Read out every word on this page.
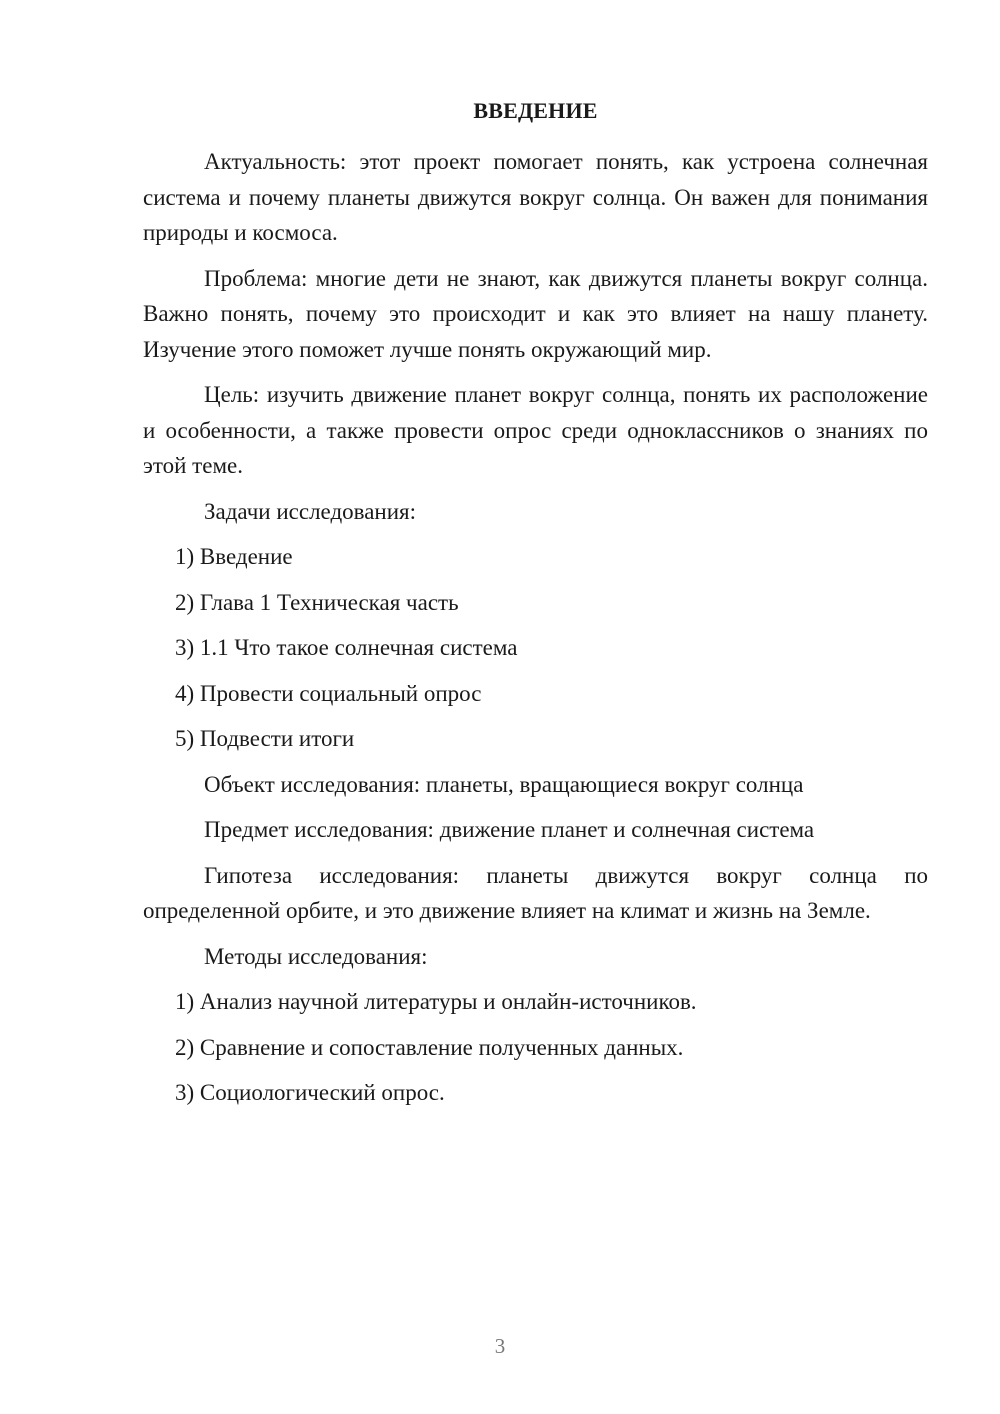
ВВЕДЕНИЕ
Актуальность: этот проект помогает понять, как устроена солнечная система и почему планеты движутся вокруг солнца. Он важен для понимания природы и космоса.
Проблема: многие дети не знают, как движутся планеты вокруг солнца. Важно понять, почему это происходит и как это влияет на нашу планету. Изучение этого поможет лучше понять окружающий мир.
Цель: изучить движение планет вокруг солнца, понять их расположение и особенности, а также провести опрос среди одноклассников о знаниях по этой теме.
Задачи исследования:
1) Введение
2) Глава 1 Техническая часть
3) 1.1 Что такое солнечная система
4) Провести социальный опрос
5) Подвести итоги
Объект исследования: планеты, вращающиеся вокруг солнца
Предмет исследования: движение планет и солнечная система
Гипотеза исследования: планеты движутся вокруг солнца по определенной орбите, и это движение влияет на климат и жизнь на Земле.
Методы исследования:
1) Анализ научной литературы и онлайн-источников.
2) Сравнение и сопоставление полученных данных.
3) Социологический опрос.
3
